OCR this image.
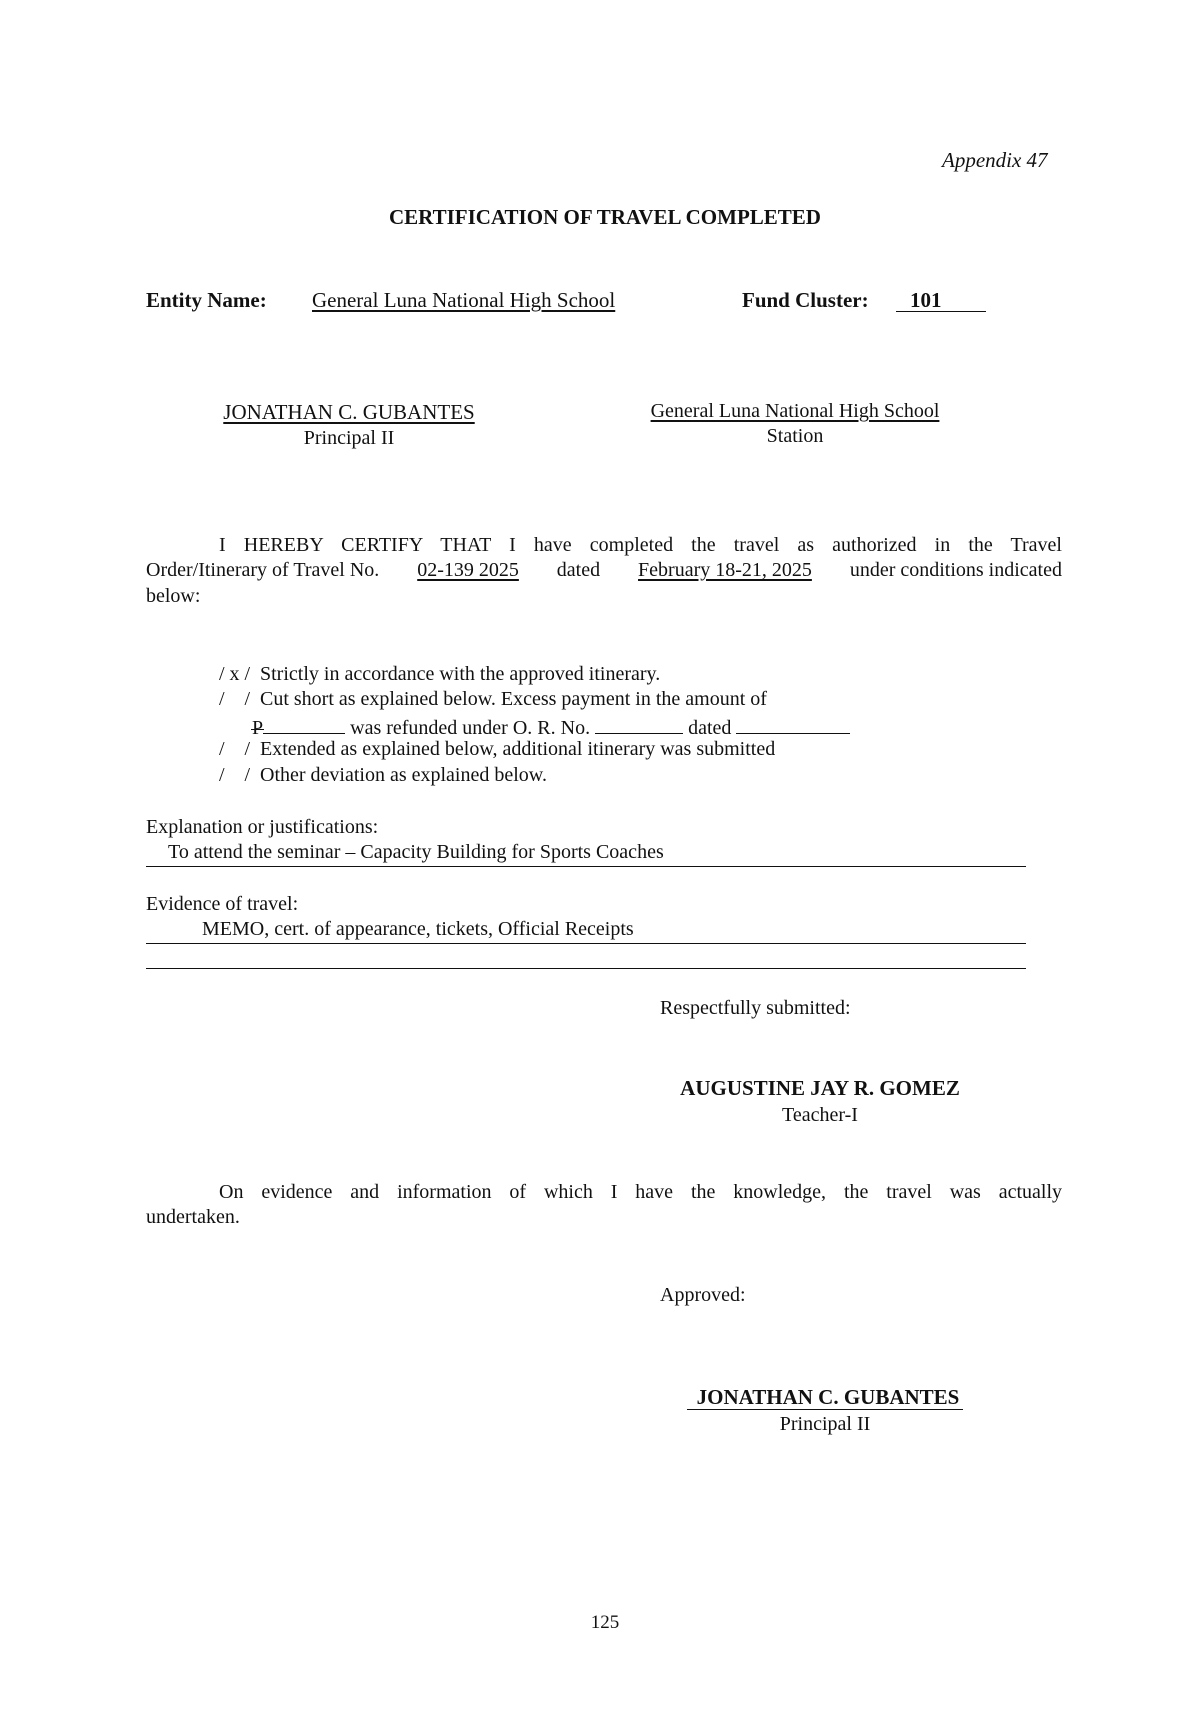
Appendix 47
CERTIFICATION OF TRAVEL COMPLETED
Entity Name: General Luna National High School	Fund Cluster:	101
JONATHAN C. GUBANTES
Principal II
General Luna National High School
Station
I HEREBY CERTIFY THAT I have completed the travel as authorized in the Travel
Order/Itinerary of Travel No. 02-139 2025 dated February 18-21, 2025 under conditions indicated
below:
/ x / Strictly in accordance with the approved itinerary.
/    / Cut short as explained below. Excess payment in the amount of
P	was refunded under O. R. No.	dated
/    / Extended as explained below, additional itinerary was submitted
/    / Other deviation as explained below.
Explanation or justifications:
To attend the seminar – Capacity Building for Sports Coaches
Evidence of travel:
MEMO, cert. of appearance, tickets, Official Receipts
Respectfully submitted:
AUGUSTINE JAY R. GOMEZ
Teacher-I
On evidence and information of which I have the knowledge, the travel was actually
undertaken.
Approved:
JONATHAN C. GUBANTES
Principal II
125
